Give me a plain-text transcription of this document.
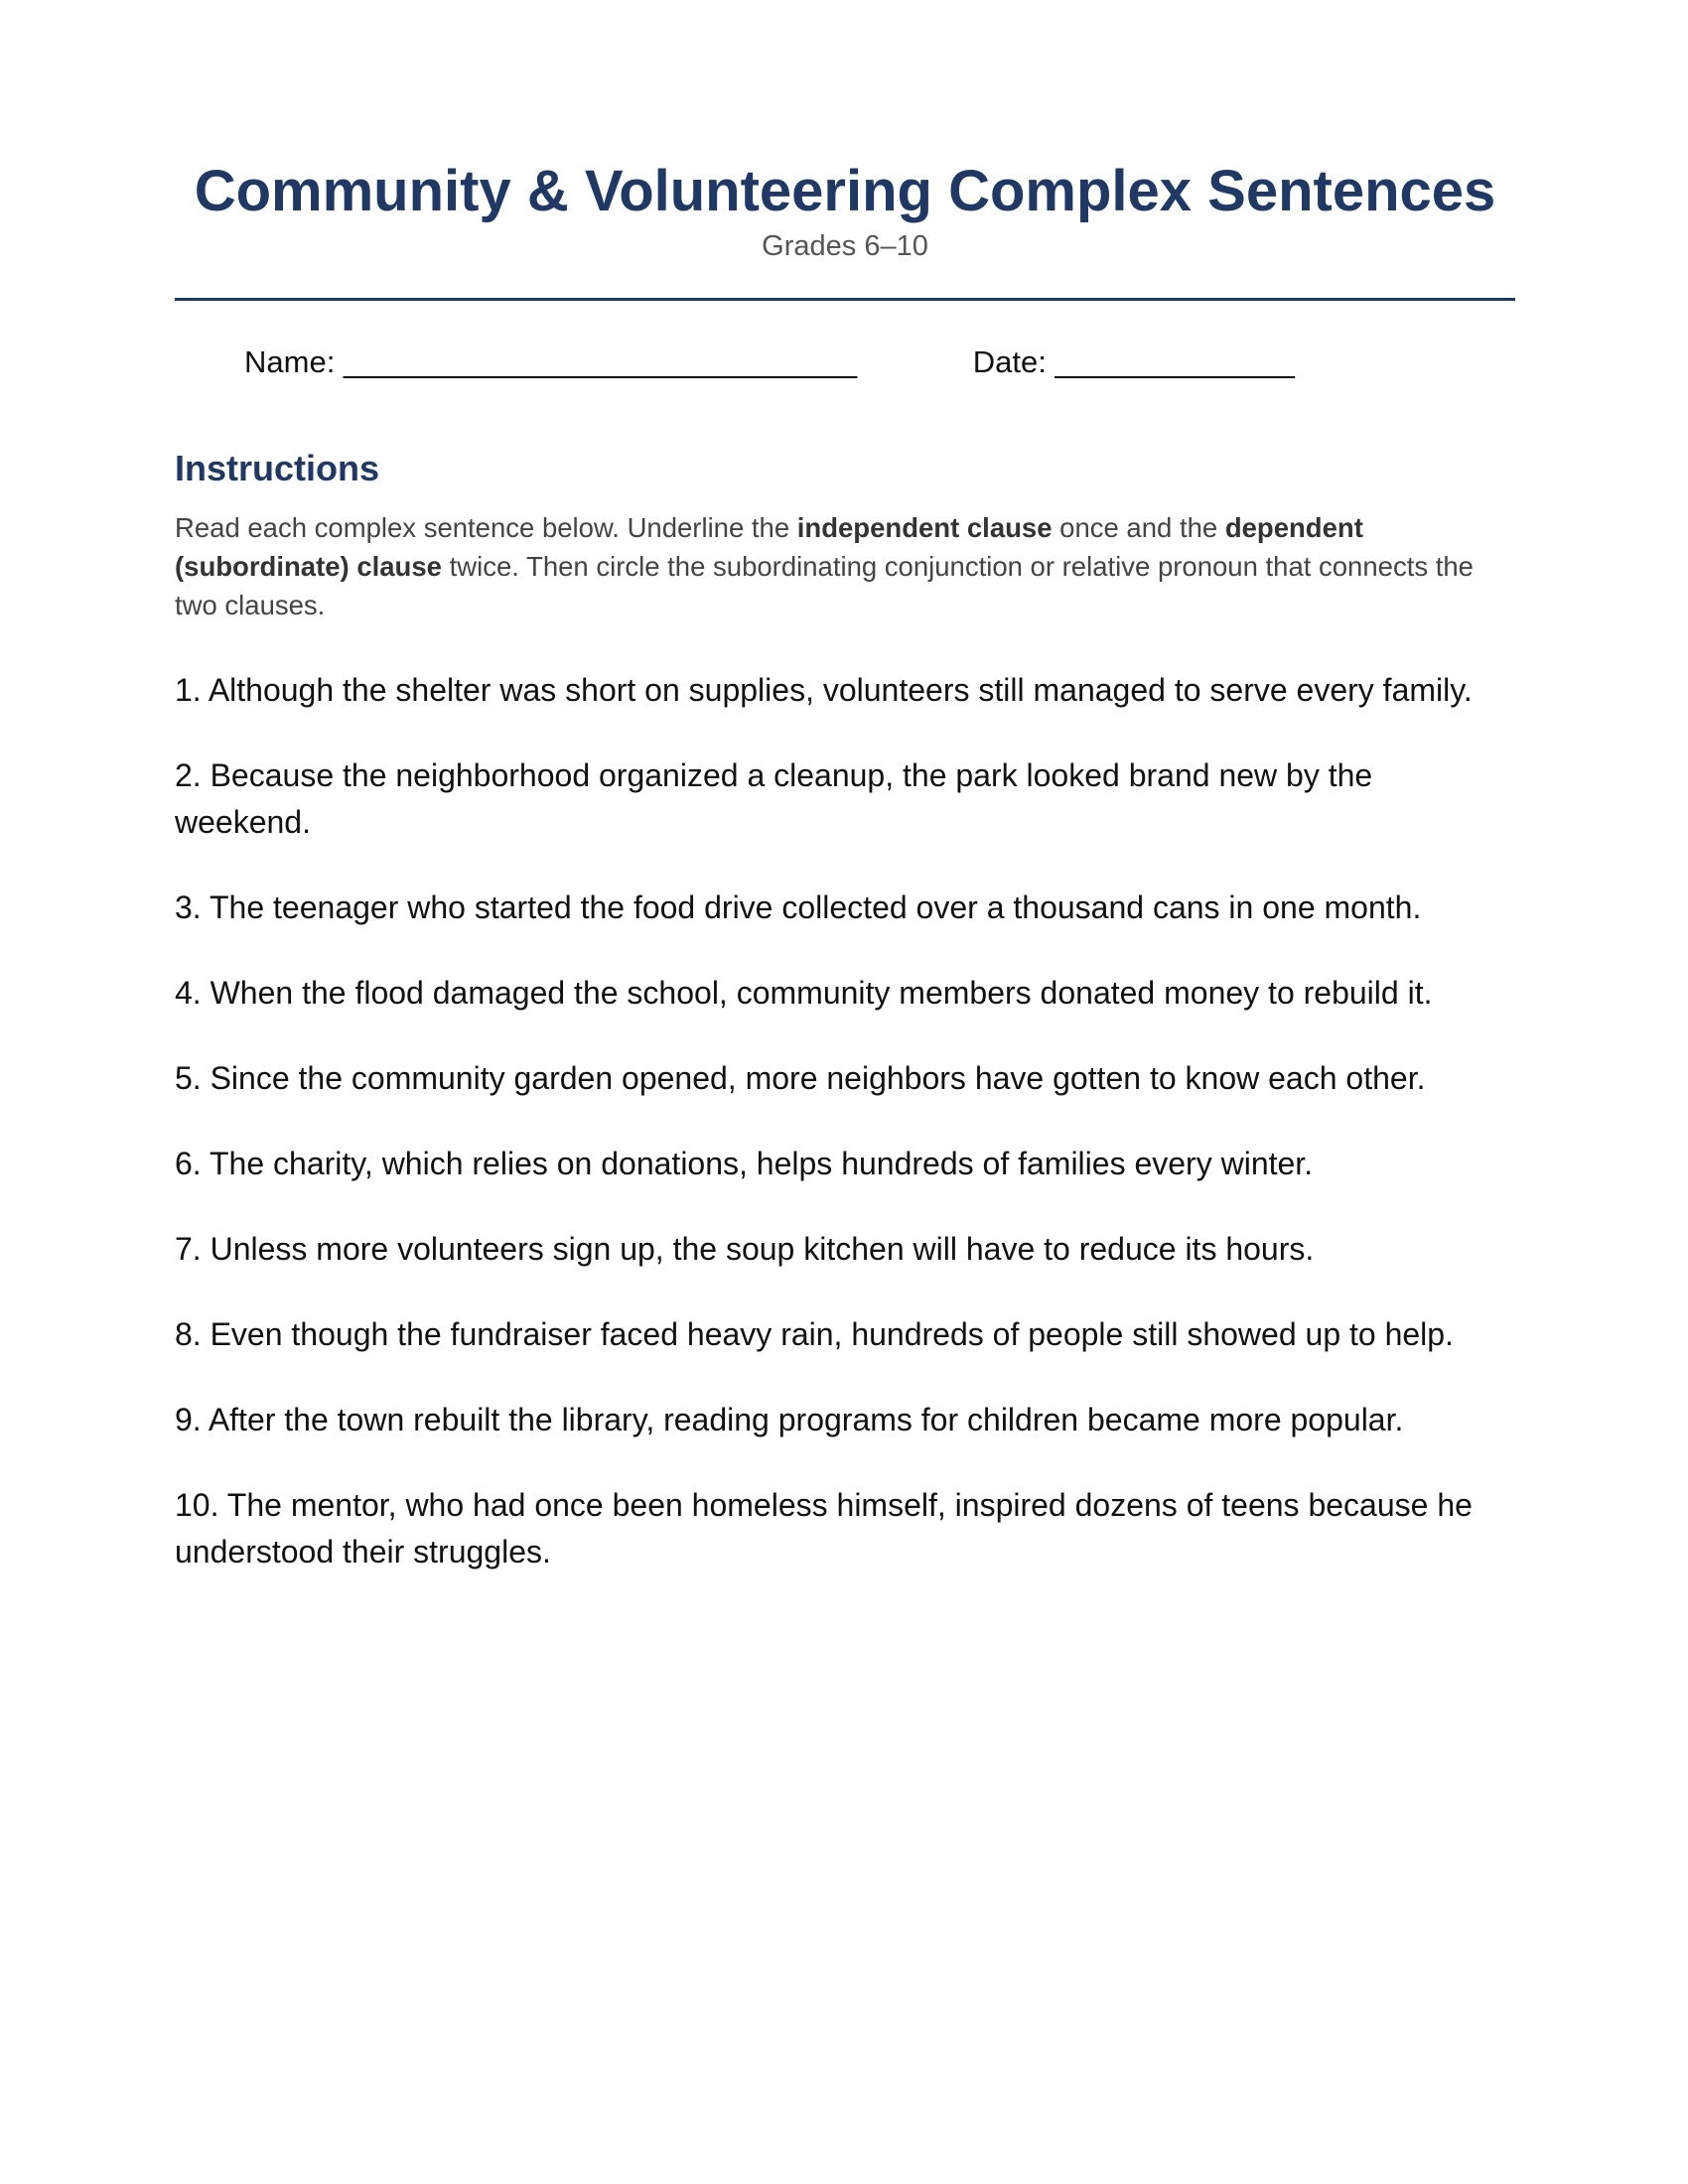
Community & Volunteering Complex Sentences
Grades 6–10
Name: ______________________________	Date: ______________
Instructions
Read each complex sentence below. Underline the independent clause once and the dependent (subordinate) clause twice. Then circle the subordinating conjunction or relative pronoun that connects the two clauses.
1. Although the shelter was short on supplies, volunteers still managed to serve every family.
2. Because the neighborhood organized a cleanup, the park looked brand new by the weekend.
3. The teenager who started the food drive collected over a thousand cans in one month.
4. When the flood damaged the school, community members donated money to rebuild it.
5. Since the community garden opened, more neighbors have gotten to know each other.
6. The charity, which relies on donations, helps hundreds of families every winter.
7. Unless more volunteers sign up, the soup kitchen will have to reduce its hours.
8. Even though the fundraiser faced heavy rain, hundreds of people still showed up to help.
9. After the town rebuilt the library, reading programs for children became more popular.
10. The mentor, who had once been homeless himself, inspired dozens of teens because he understood their struggles.
